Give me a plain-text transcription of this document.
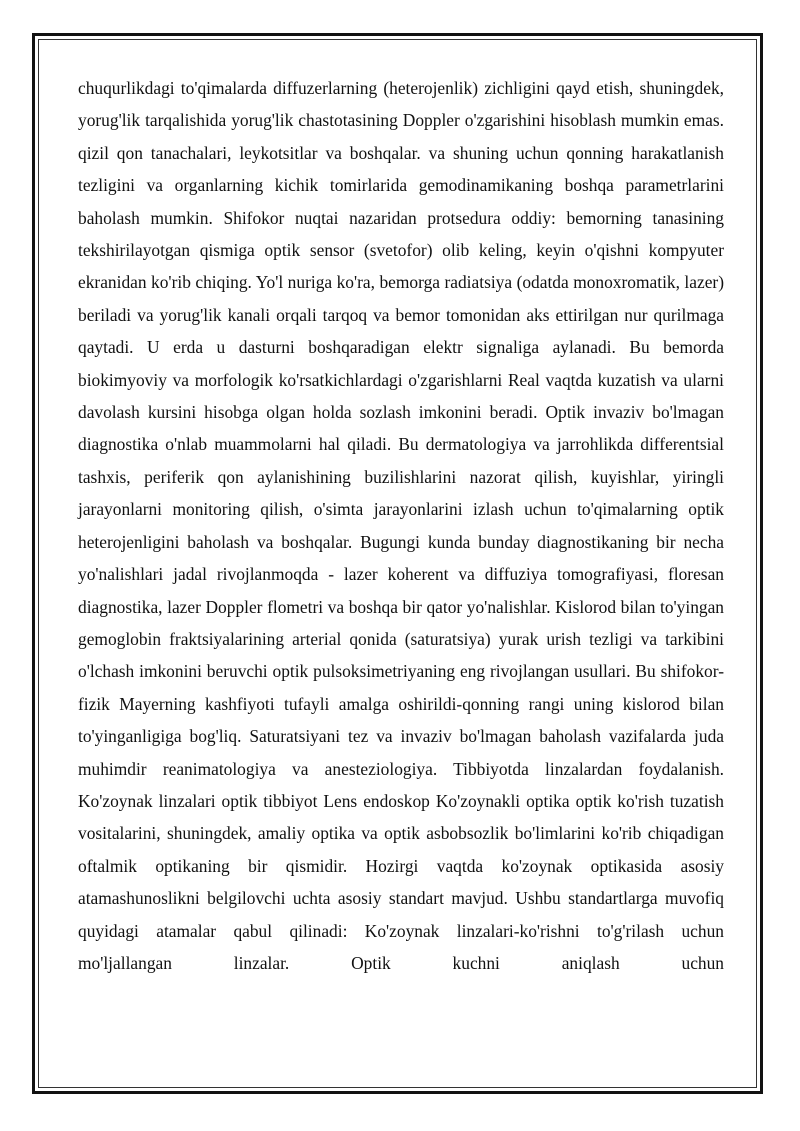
chuqurlikdagi to'qimalarda diffuzerlarning (heterojenlik) zichligini qayd etish, shuningdek, yorug'lik tarqalishida yorug'lik chastotasining Doppler o'zgarishini hisoblash mumkin emas. qizil qon tanachalari, leykotsitlar va boshqalar. va shuning uchun qonning harakatlanish tezligini va organlarning kichik tomirlarida gemodinamikaning boshqa parametrlarini baholash mumkin. Shifokor nuqtai nazaridan protsedura oddiy: bemorning tanasining tekshirilayotgan qismiga optik sensor (svetofor) olib keling, keyin o'qishni kompyuter ekranidan ko'rib chiqing. Yo'l nuriga ko'ra, bemorga radiatsiya (odatda monoxromatik, lazer) beriladi va yorug'lik kanali orqali tarqoq va bemor tomonidan aks ettirilgan nur qurilmaga qaytadi. U erda u dasturni boshqaradigan elektr signaliga aylanadi. Bu bemorda biokimyoviy va morfologik ko'rsatkichlardagi o'zgarishlarni Real vaqtda kuzatish va ularni davolash kursini hisobga olgan holda sozlash imkonini beradi. Optik invaziv bo'lmagan diagnostika o'nlab muammolarni hal qiladi. Bu dermatologiya va jarrohlikda differentsial tashxis, periferik qon aylanishining buzilishlarini nazorat qilish, kuyishlar, yiringli jarayonlarni monitoring qilish, o'simta jarayonlarini izlash uchun to'qimalarning optik heterojenligini baholash va boshqalar. Bugungi kunda bunday diagnostikaning bir necha yo'nalishlari jadal rivojlanmoqda - lazer koherent va diffuziya tomografiyasi, floresan diagnostika, lazer Doppler flometri va boshqa bir qator yo'nalishlar. Kislorod bilan to'yingan gemoglobin fraktsiyalarining arterial qonida (saturatsiya) yurak urish tezligi va tarkibini o'lchash imkonini beruvchi optik pulsoksimetriyaning eng rivojlangan usullari. Bu shifokor-fizik Mayerning kashfiyoti tufayli amalga oshirildi-qonning rangi uning kislorod bilan to'yinganligiga bog'liq. Saturatsiyani tez va invaziv bo'lmagan baholash vazifalarda juda muhimdir reanimatologiya va anesteziologiya. Tibbiyotda linzalardan foydalanish. Ko'zoynak linzalari optik tibbiyot Lens endoskop Ko'zoynakli optika optik ko'rish tuzatish vositalarini, shuningdek, amaliy optika va optik asbobsozlik bo'limlarini ko'rib chiqadigan oftalmik optikaning bir qismidir. Hozirgi vaqtda ko'zoynak optikasida asosiy atamashunoslikni belgilovchi uchta asosiy standart mavjud. Ushbu standartlarga muvofiq quyidagi atamalar qabul qilinadi: Ko'zoynak linzalari-ko'rishni to'g'rilash uchun mo'ljallangan linzalar. Optik kuchni aniqlash uchun
